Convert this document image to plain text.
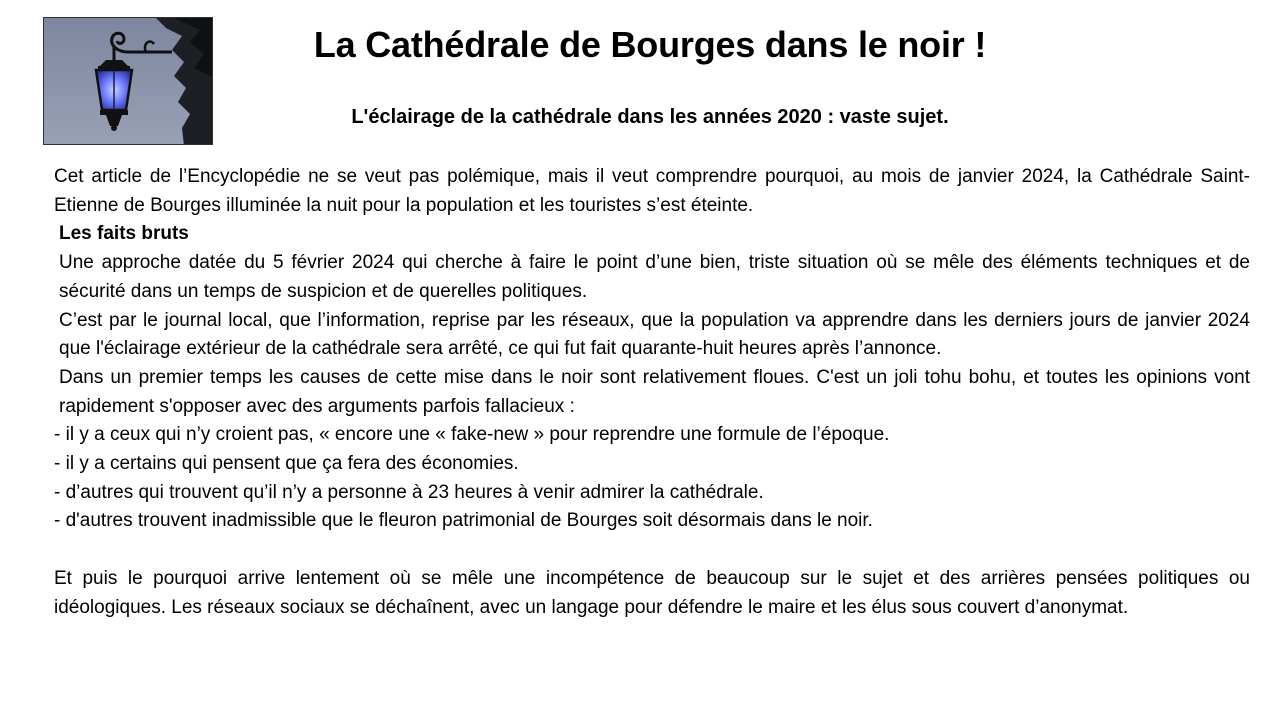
La Cathédrale de Bourges dans le noir !
L'éclairage de la cathédrale dans les années 2020 : vaste sujet.

Cet article de l’Encyclopédie ne se veut pas polémique, mais il veut comprendre pourquoi, au mois de janvier 2024, la Cathédrale Saint-Etienne de Bourges illuminée la nuit pour la population et les touristes s’est éteinte.

Les faits bruts

Une approche datée du 5 février 2024 qui cherche à faire le point d’une bien, triste situation où se mêle des éléments techniques et de sécurité dans un temps de suspicion et de querelles politiques.

C’est par le journal local, que l’information, reprise par les réseaux, que la population va apprendre dans les derniers jours de janvier 2024 que l'éclairage extérieur de la cathédrale sera arrêté, ce qui fut fait quarante-huit heures après l’annonce.

Dans un premier temps les causes de cette mise dans le noir sont relativement floues. C'est un joli tohu bohu, et toutes les opinions vont rapidement s'opposer avec des arguments parfois fallacieux :

- il y a ceux qui n’y croient pas, « encore une « fake-new » pour reprendre une formule de l’époque.

- il y a certains qui pensent que ça fera des économies.

- d’autres qui trouvent qu’il n’y a personne à 23 heures à venir admirer la cathédrale.

- d'autres trouvent inadmissible que le fleuron patrimonial de Bourges soit désormais dans le noir.

Et puis le pourquoi arrive lentement où se mêle une incompétence de beaucoup sur le sujet et des arrières pensées politiques ou idéologiques. Les réseaux sociaux se déchaînent, avec un langage pour défendre le maire et les élus sous couvert d’anonymat.
